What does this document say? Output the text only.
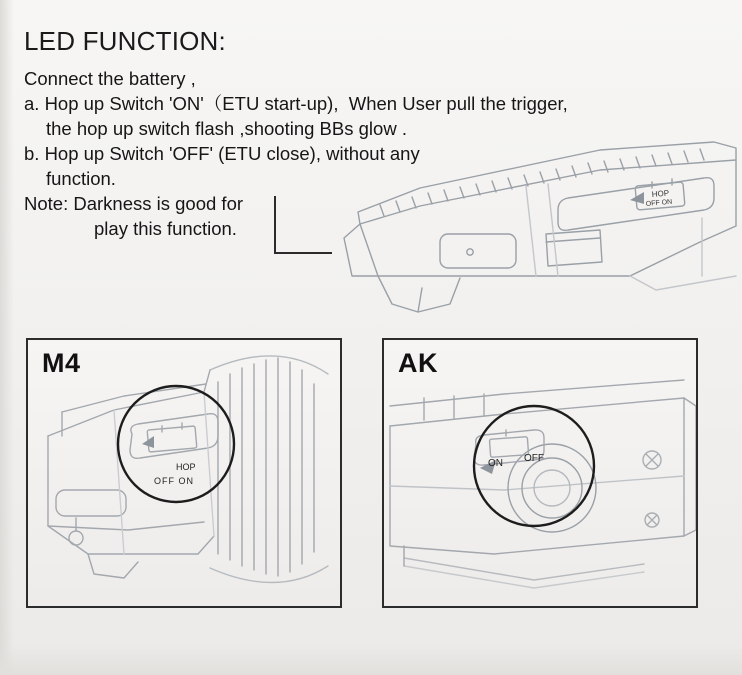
LED FUNCTION:
Connect the battery ,
a. Hop up Switch 'ON'（ETU start-up),  When User pull the trigger,
the hop up switch flash ,shooting BBs glow .
b. Hop up Switch 'OFF' (ETU close), without any
function.
Note: Darkness is good for
play this function.
HOP
OFF ON
M4
HOP
OFF ON
AK
ON OFF
